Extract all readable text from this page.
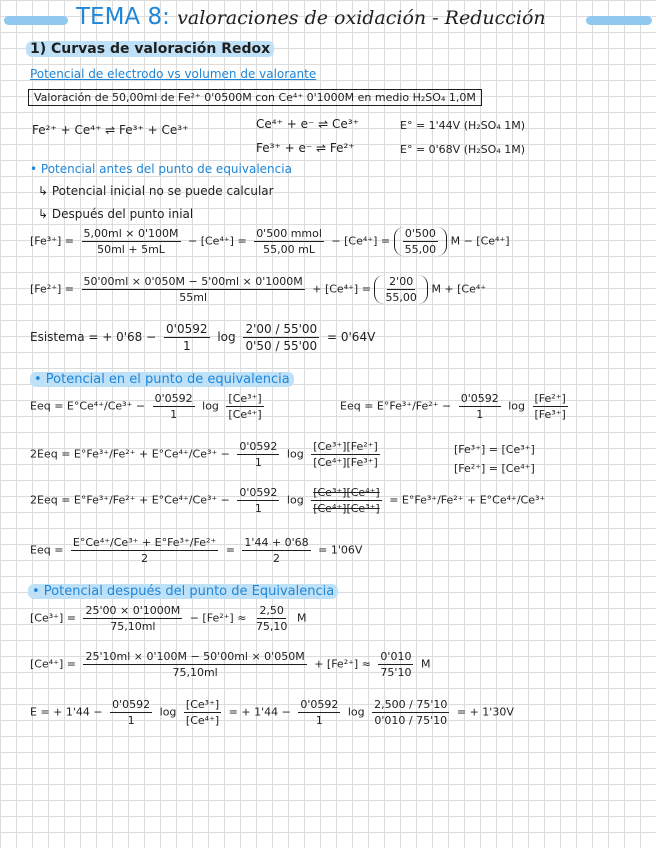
TEMA 8: valoraciones de oxidación - Reducción
1) Curvas de valoración Redox
Potencial de electrodo vs volumen de valorante
Valoración de 50,00ml de Fe²⁺ 0'0500M con Ce⁴⁺ 0'1000M en medio H₂SO₄ 1,0M
Fe²⁺ + Ce⁴⁺ ⇌ Fe³⁺ + Ce³⁺	Ce⁴⁺ + e⁻ ⇌ Ce³⁺	E° = 1'44V (H₂SO₄ 1M)
Fe³⁺ + e⁻ ⇌ Fe²⁺	E° = 0'68V (H₂SO₄ 1M)
• Potencial antes del punto de equivalencia
↳ Potencial inicial no se puede calcular
↳ Después del punto inial
$[Fe^{3+}] = \frac{5,00ml \times 0'100M}{50ml + 5mL} - [Ce^{4+}] = \frac{\text{0'500 mmol}}{55,00 mL} - [Ce^{4+}] = \frac{0'500}{55,00}$ M − [Ce⁴⁺]
$[Fe^{2+}] = \frac{50'00ml \times 0'050M - 5'00ml \times 0'1000M}{55ml} + [Ce^{4+}] = \frac{2'00}{55,00}$ M + [Ce⁴⁺
Esistema = + $0'68 - \frac{0'0592}{1}$ $\log \frac{2'00 / 55'00}{0'50 / 55'00} = 0'64V$
• Potencial en el punto de equivalencia
Eeq = $E^\circ Ce^{4+}/Ce^{3+} - \frac{0'0592}{1}$ $\log \frac{\text{[Ce³⁺]}}{\text{[Ce⁴⁺]}}$	Eeq = $E^\circ Fe^{3+}/Fe^{2+} - \frac{0'0592}{1}$ $\log \frac{\text{[Fe²⁺]}}{\text{[Fe³⁺]}}$
$2Eeq = E^\circ Fe^{3+}/Fe^{2+} + E^\circ Ce^{4+}/Ce^{3+} - \frac{0'0592}{1}$ $\log \frac{\text{[Ce³⁺][Fe²⁺]}}{\text{[Ce⁴⁺][Fe³⁺]}}$	[Fe³⁺] = [Ce³⁺]
[Fe²⁺] = [Ce⁴⁺]
$2Eeq = E^\circ Fe^{3+}/Fe^{2+} + E^\circ Ce^{4+}/Ce^{3+} - \frac{0'0592}{1}$ $\log \frac{\text{[Ce³⁺][Ce⁴⁺]}}{\text{[Ce⁴⁺][Ce³⁺]}} = E^\circ Fe^{3+}/Fe^{2+} + E^\circ Ce^{4+}/Ce^{3+}$
Eeq = $\frac{\text{E°Ce⁴⁺/Ce³⁺ + E°Fe³⁺/Fe²⁺}}{2} = \frac{1'44 + 0'68}{2} = 1'06V$
• Potencial después del punto de Equivalencia
$[Ce^{3+}] = \frac{25'00 \times 0'1000M}{75,10ml} - [Fe^{2+}] \approx \frac{2,50}{75,10}$ M
$[Ce^{4+}] = \frac{25'10ml \times 0'100M - 50'00ml \times 0'050M}{75,10ml} + [Fe^{2+}] \approx \frac{0'010}{75'10}$ M
E = + $1'44 - \frac{0'0592}{1}$ $\log \frac{\text{[Ce³⁺]}}{\text{[Ce⁴⁺]}}$ = + $1'44 - \frac{0'0592}{1}$ $\log \frac{2,500 / 75'10}{0'010 / 75'10}$ = + 1'30V
